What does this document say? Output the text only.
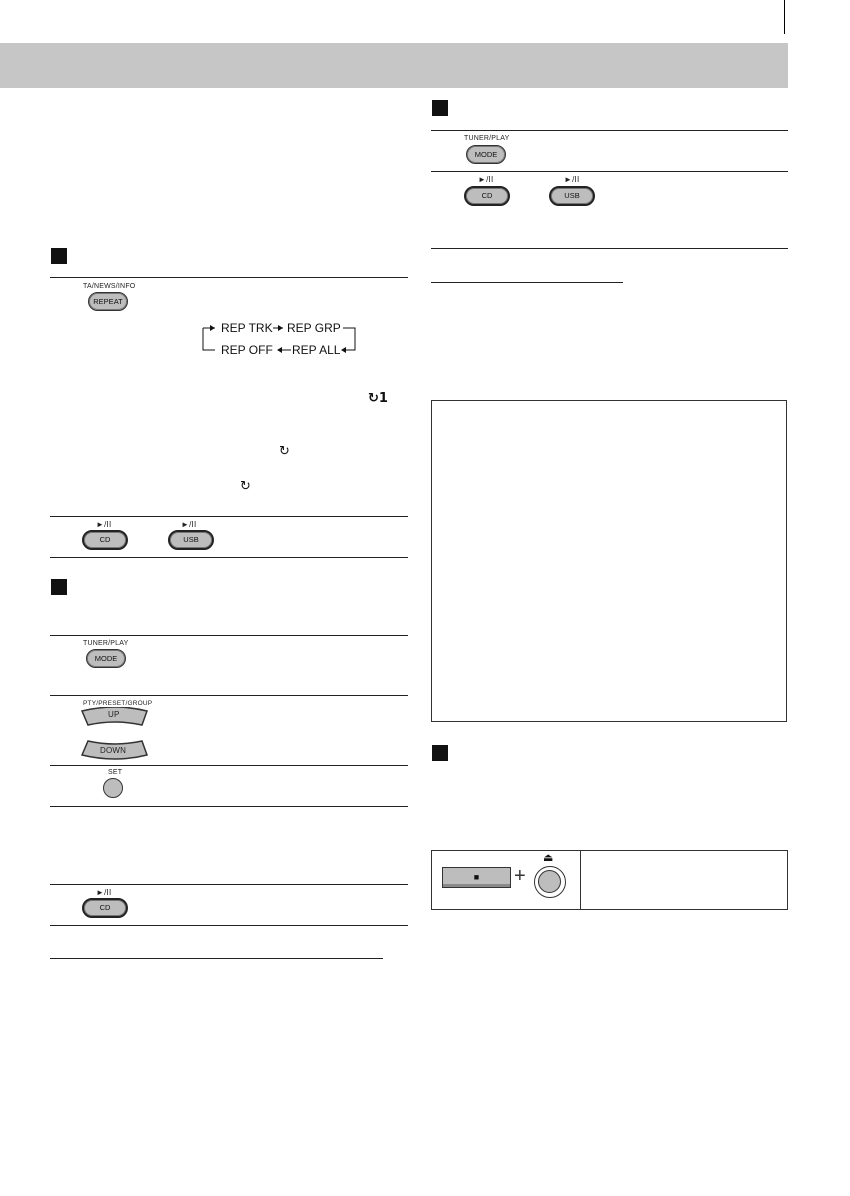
TA/NEWS/INFO
REPEAT
REP TRK REP GRP
REP OFF REP ALL
↻1
↻
↻
►/II	►/II
CD	USB
TUNER/PLAY
MODE
PTY/PRESET/GROUP
UP
DOWN
SET
►/II
CD
TUNER/PLAY
MODE
►/II	►/II
CD	USB
■	+
⏏
